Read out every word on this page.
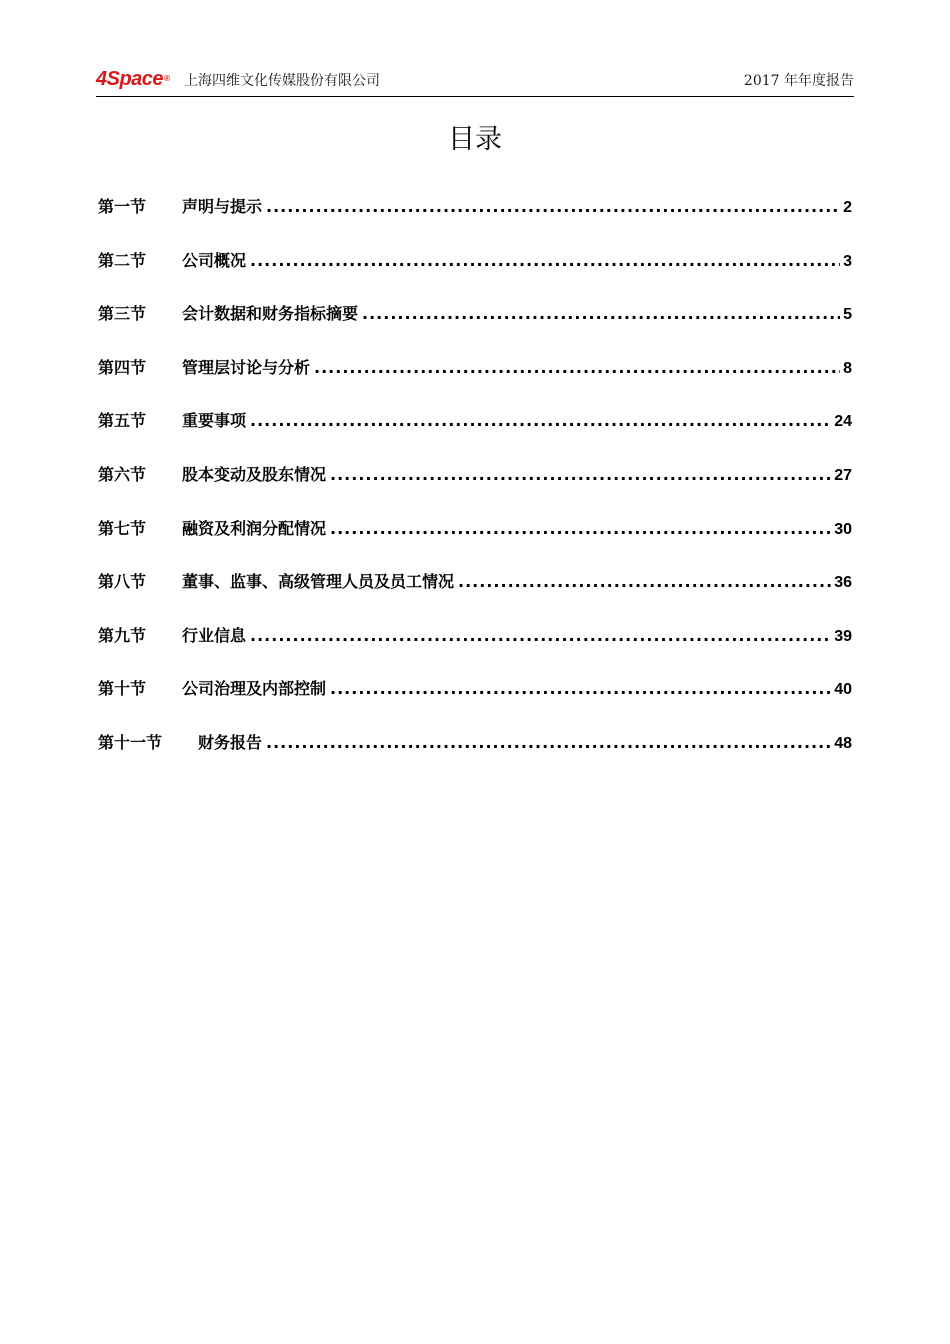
4Space® 上海四维文化传媒股份有限公司	2017 年年度报告
目录
第一节	声明与提示 .....	2
第二节	公司概况 .....	3
第三节	会计数据和财务指标摘要 .....	5
第四节	管理层讨论与分析 .....	8
第五节	重要事项 .....	24
第六节	股本变动及股东情况 .....	27
第七节	融资及利润分配情况 .....	30
第八节	董事、监事、高级管理人员及员工情况 .....	36
第九节	行业信息 .....	39
第十节	公司治理及内部控制 .....	40
第十一节	财务报告 .....	48
